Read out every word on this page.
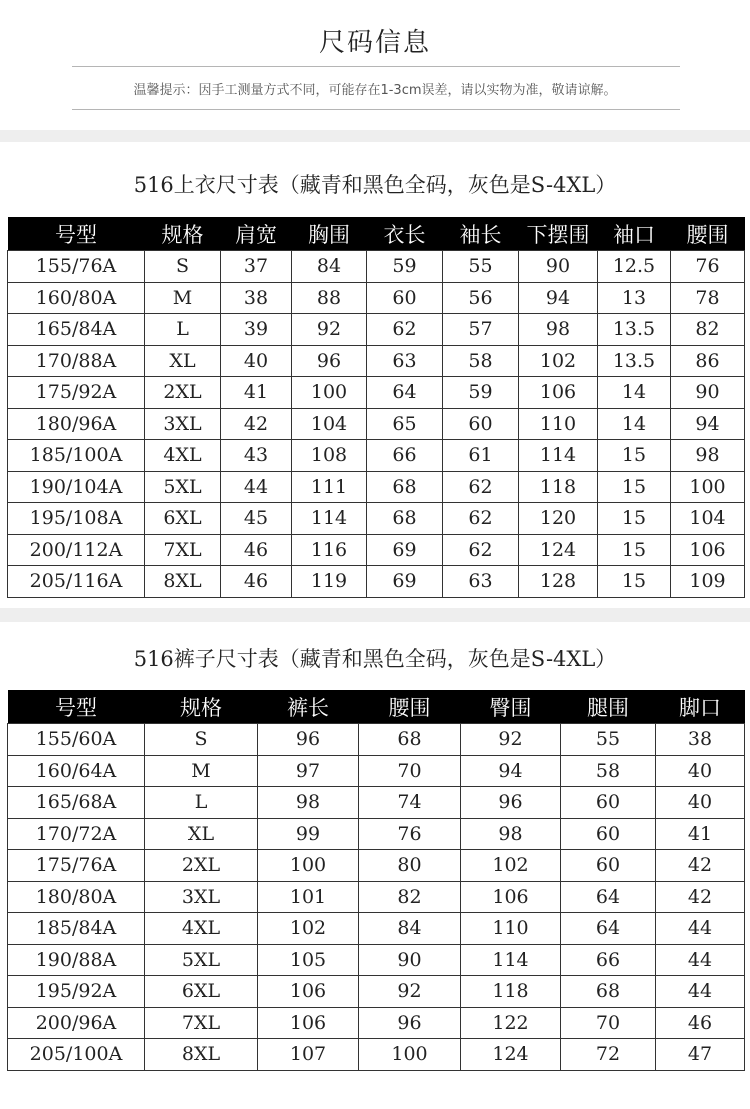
尺码信息
温馨提示：因手工测量方式不同，可能存在1-3cm误差，请以实物为准，敬请谅解。
516上衣尺寸表（藏青和黑色全码，灰色是S-4XL）
号型	规格	肩宽	胸围	衣长	袖长	下摆围	袖口	腰围
155/76A	S	37	84	59	55	90	12.5	76
160/80A	M	38	88	60	56	94	13	78
165/84A	L	39	92	62	57	98	13.5	82
170/88A	XL	40	96	63	58	102	13.5	86
175/92A	2XL	41	100	64	59	106	14	90
180/96A	3XL	42	104	65	60	110	14	94
185/100A	4XL	43	108	66	61	114	15	98
190/104A	5XL	44	111	68	62	118	15	100
195/108A	6XL	45	114	68	62	120	15	104
200/112A	7XL	46	116	69	62	124	15	106
205/116A	8XL	46	119	69	63	128	15	109
516裤子尺寸表（藏青和黑色全码，灰色是S-4XL）
号型	规格	裤长	腰围	臀围	腿围	脚口
155/60A	S	96	68	92	55	38
160/64A	M	97	70	94	58	40
165/68A	L	98	74	96	60	40
170/72A	XL	99	76	98	60	41
175/76A	2XL	100	80	102	60	42
180/80A	3XL	101	82	106	64	42
185/84A	4XL	102	84	110	64	44
190/88A	5XL	105	90	114	66	44
195/92A	6XL	106	92	118	68	44
200/96A	7XL	106	96	122	70	46
205/100A	8XL	107	100	124	72	47
